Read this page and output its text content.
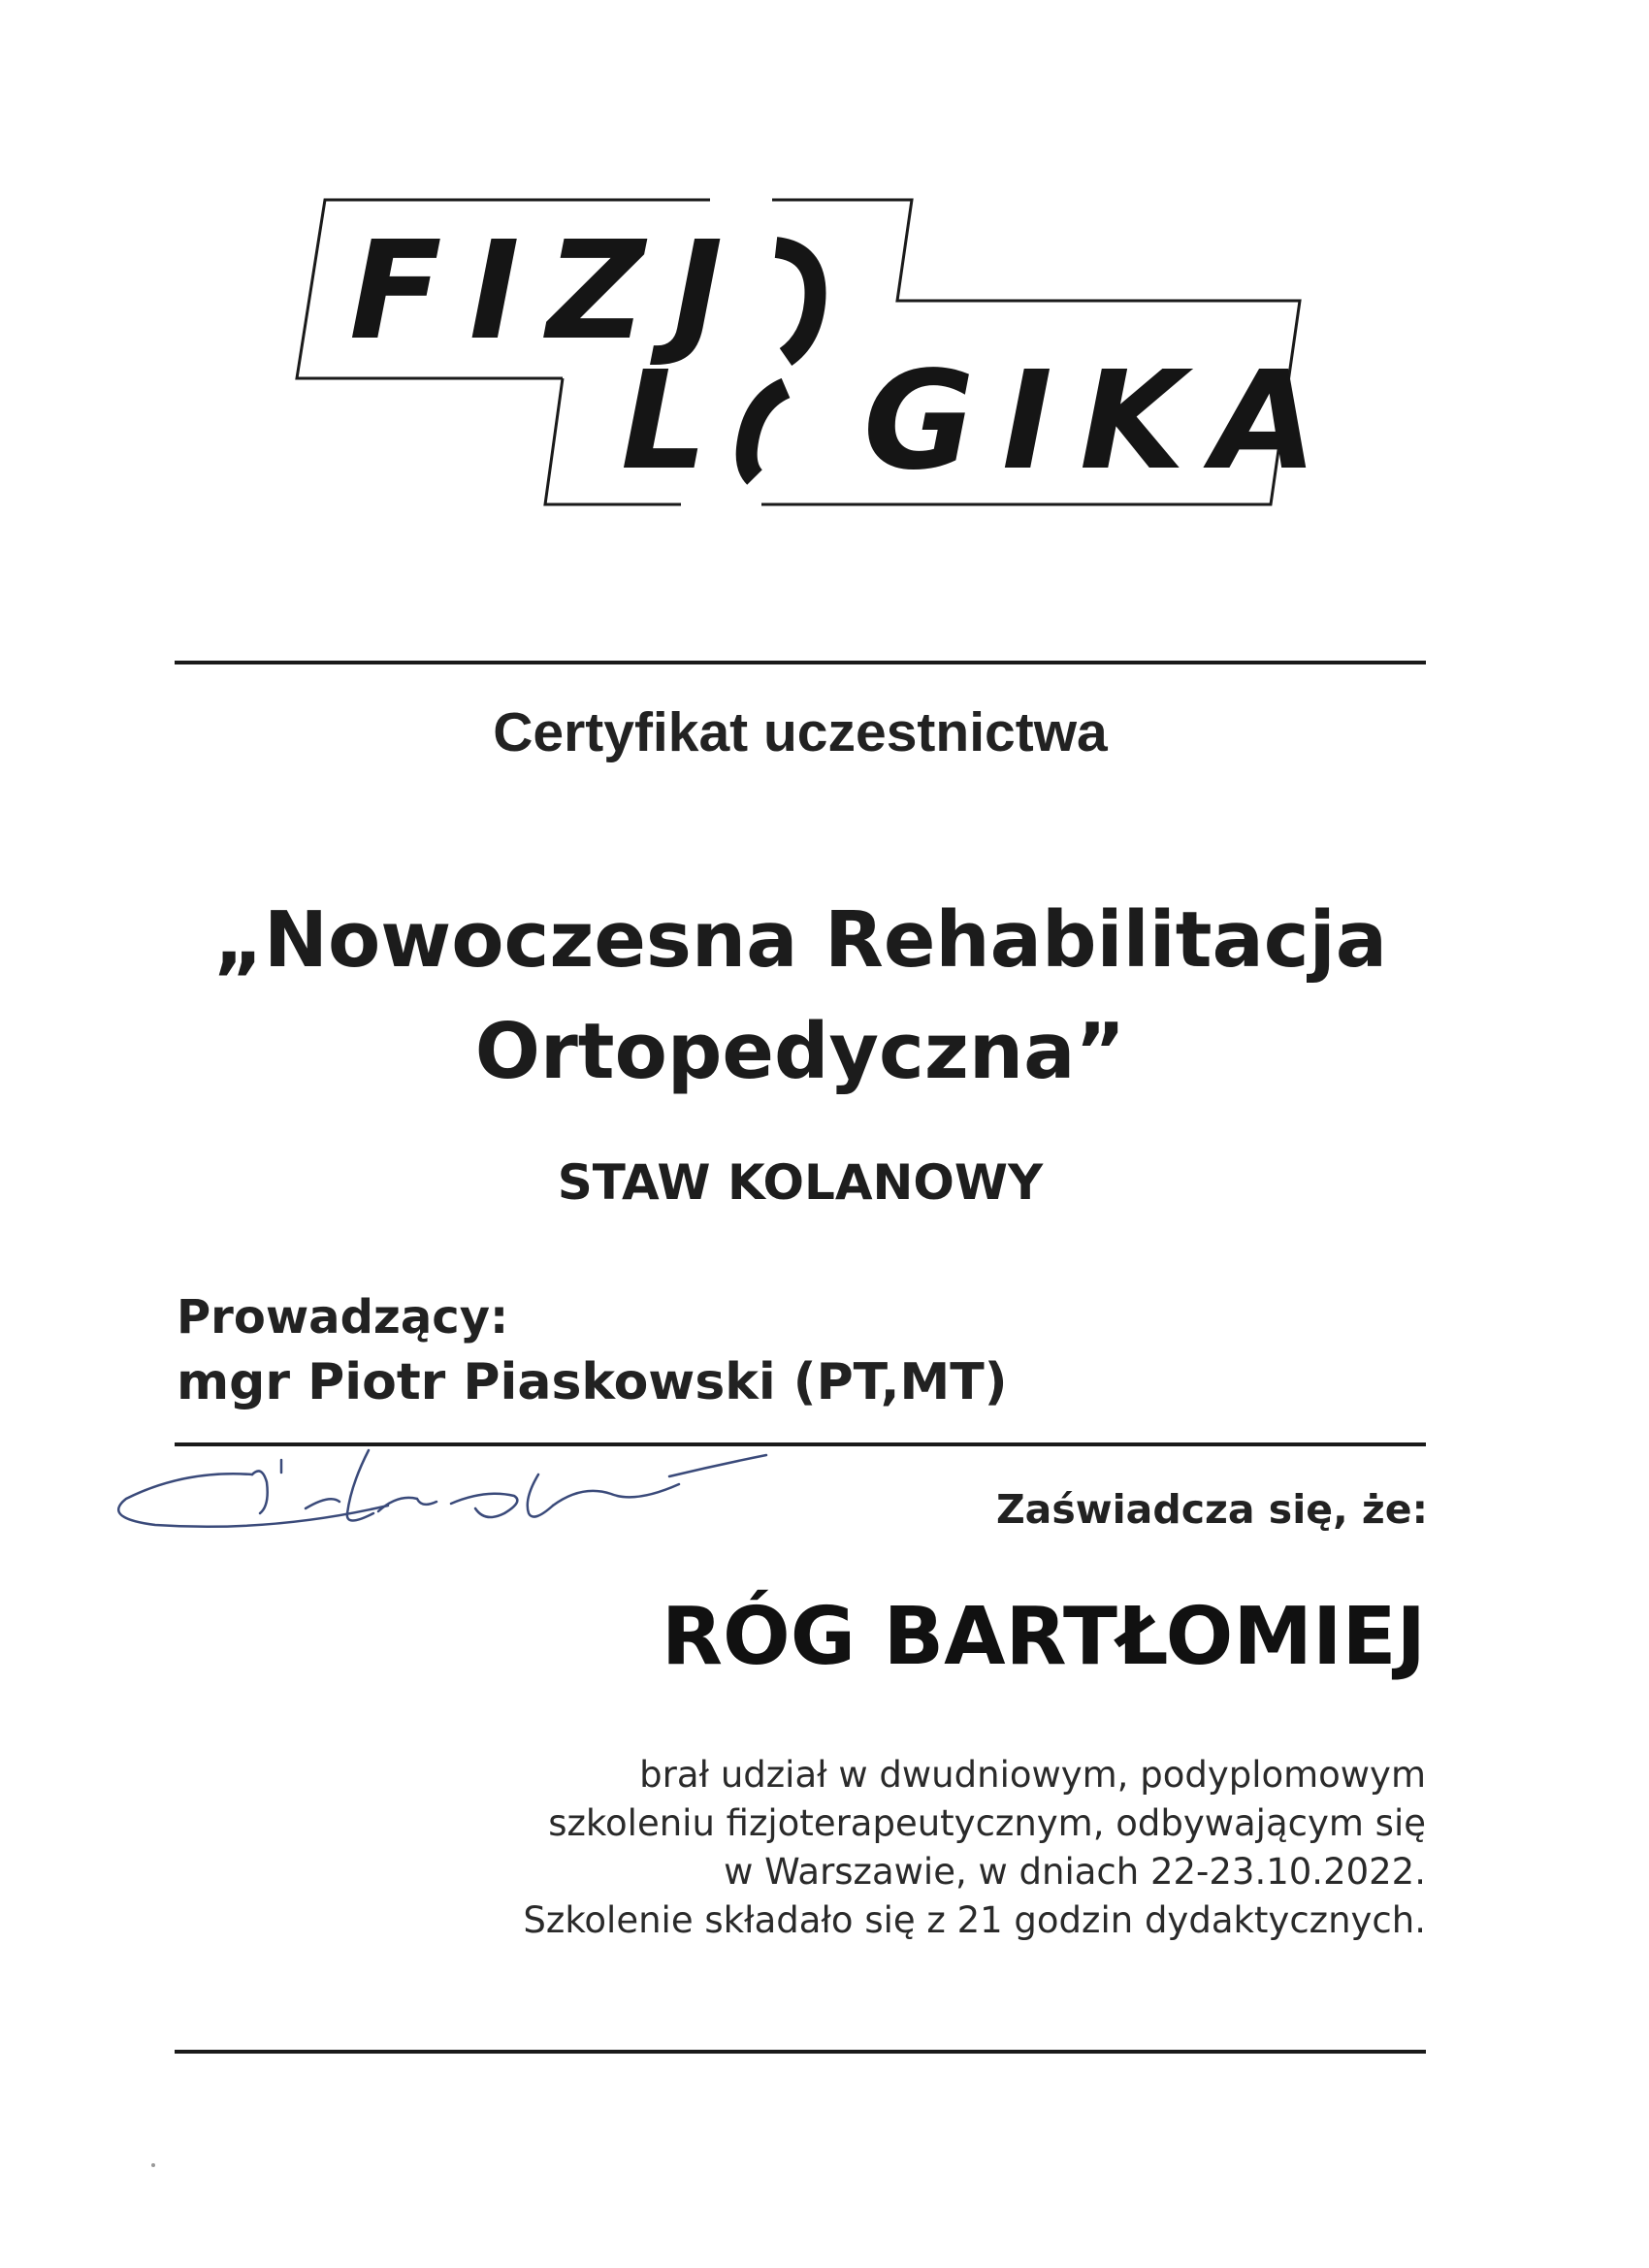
FIZJ
L GIKA
Certyfikat uczestnictwa
„Nowoczesna Rehabilitacja
Ortopedyczna”
STAW KOLANOWY
Prowadzący:
mgr Piotr Piaskowski (PT,MT)
Zaświadcza się, że:
RÓG BARTŁOMIEJ
brał udział w dwudniowym, podyplomowym
szkoleniu fizjoterapeutycznym, odbywającym się
w Warszawie, w dniach 22-23.10.2022.
Szkolenie składało się z 21 godzin dydaktycznych.
